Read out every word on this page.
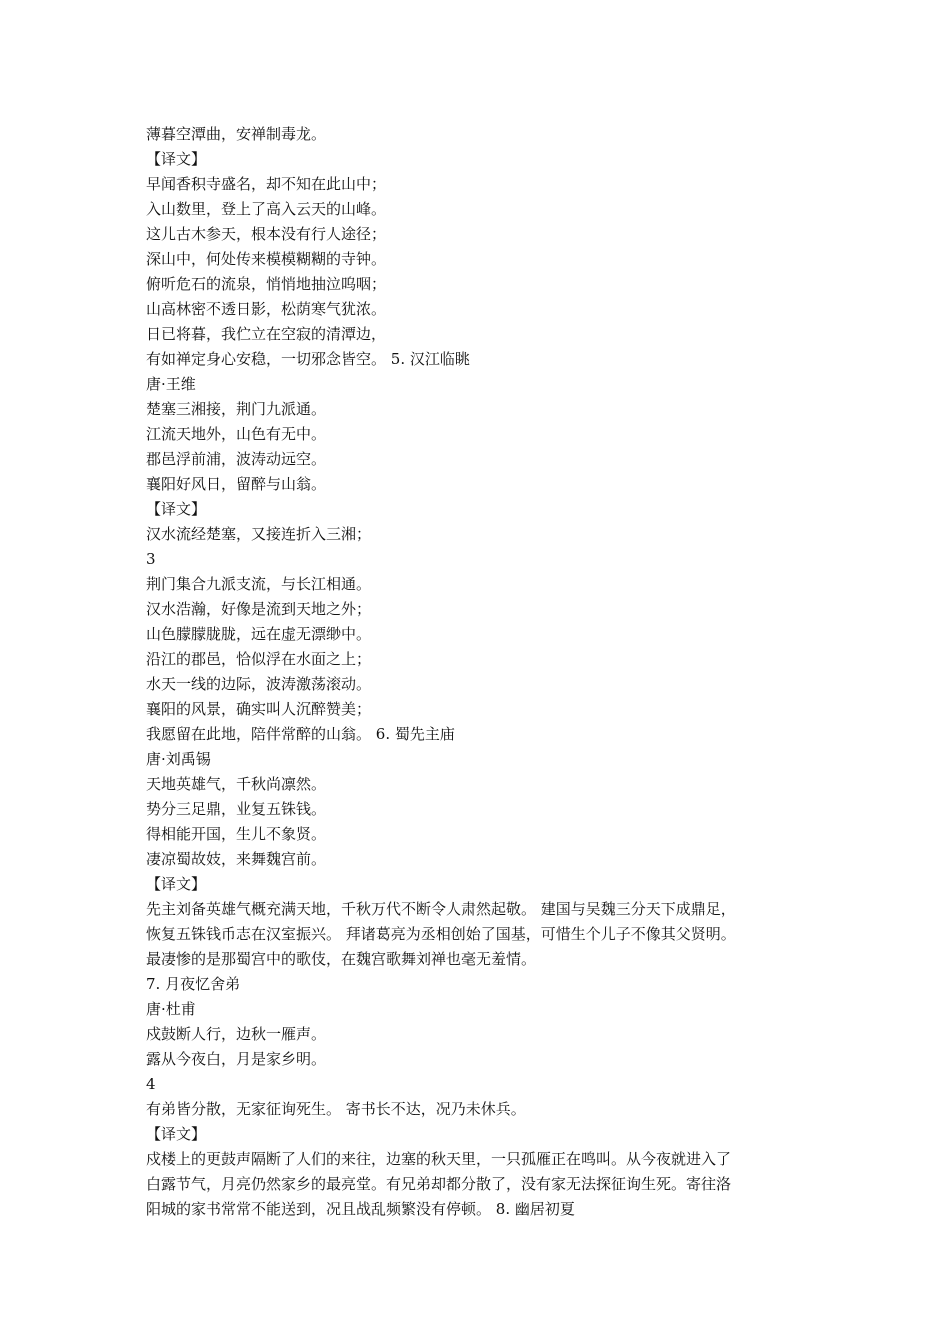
薄暮空潭曲，安禅制毒龙。
【译文】
早闻香积寺盛名，却不知在此山中；
入山数里，登上了高入云天的山峰。
这儿古木参天，根本没有行人途径；
深山中，何处传来模模糊糊的寺钟。
俯听危石的流泉，悄悄地抽泣呜咽；
山高林密不透日影，松荫寒气犹浓。
日已将暮，我伫立在空寂的清潭边，
有如禅定身心安稳，一切邪念皆空。 5. 汉江临眺
唐·王维
楚塞三湘接，荆门九派通。
江流天地外，山色有无中。
郡邑浮前浦，波涛动远空。
襄阳好风日，留醉与山翁。
【译文】
汉水流经楚塞，又接连折入三湘；
3
荆门集合九派支流，与长江相通。
汉水浩瀚，好像是流到天地之外；
山色朦朦胧胧，远在虚无漂缈中。
沿江的郡邑，恰似浮在水面之上；
水天一线的边际，波涛激荡滚动。
襄阳的风景，确实叫人沉醉赞美；
我愿留在此地，陪伴常醉的山翁。 6. 蜀先主庙
唐·刘禹锡
天地英雄气，千秋尚凛然。
势分三足鼎，业复五铢钱。
得相能开国，生儿不象贤。
凄凉蜀故妓，来舞魏宫前。
【译文】

先主刘备英雄气概充满天地，千秋万代不断令人肃然起敬。 建国与吴魏三分天下成鼎足，

恢复五铢钱币志在汉室振兴。 拜诸葛亮为丞相创始了国基，可惜生个儿子不像其父贤明。

最凄惨的是那蜀宫中的歌伎，在魏宫歌舞刘禅也毫无羞情。

7. 月夜忆舍弟
唐·杜甫
戍鼓断人行，边秋一雁声。
露从今夜白，月是家乡明。
4
有弟皆分散，无家征询死生。 寄书长不达，况乃未休兵。
【译文】

戍楼上的更鼓声隔断了人们的来往，边塞的秋天里，一只孤雁正在鸣叫。从今夜就进入了

白露节气，月亮仍然家乡的最亮堂。有兄弟却都分散了，没有家无法探征询生死。寄往洛

阳城的家书常常不能送到，况且战乱频繁没有停顿。 8. 幽居初夏
